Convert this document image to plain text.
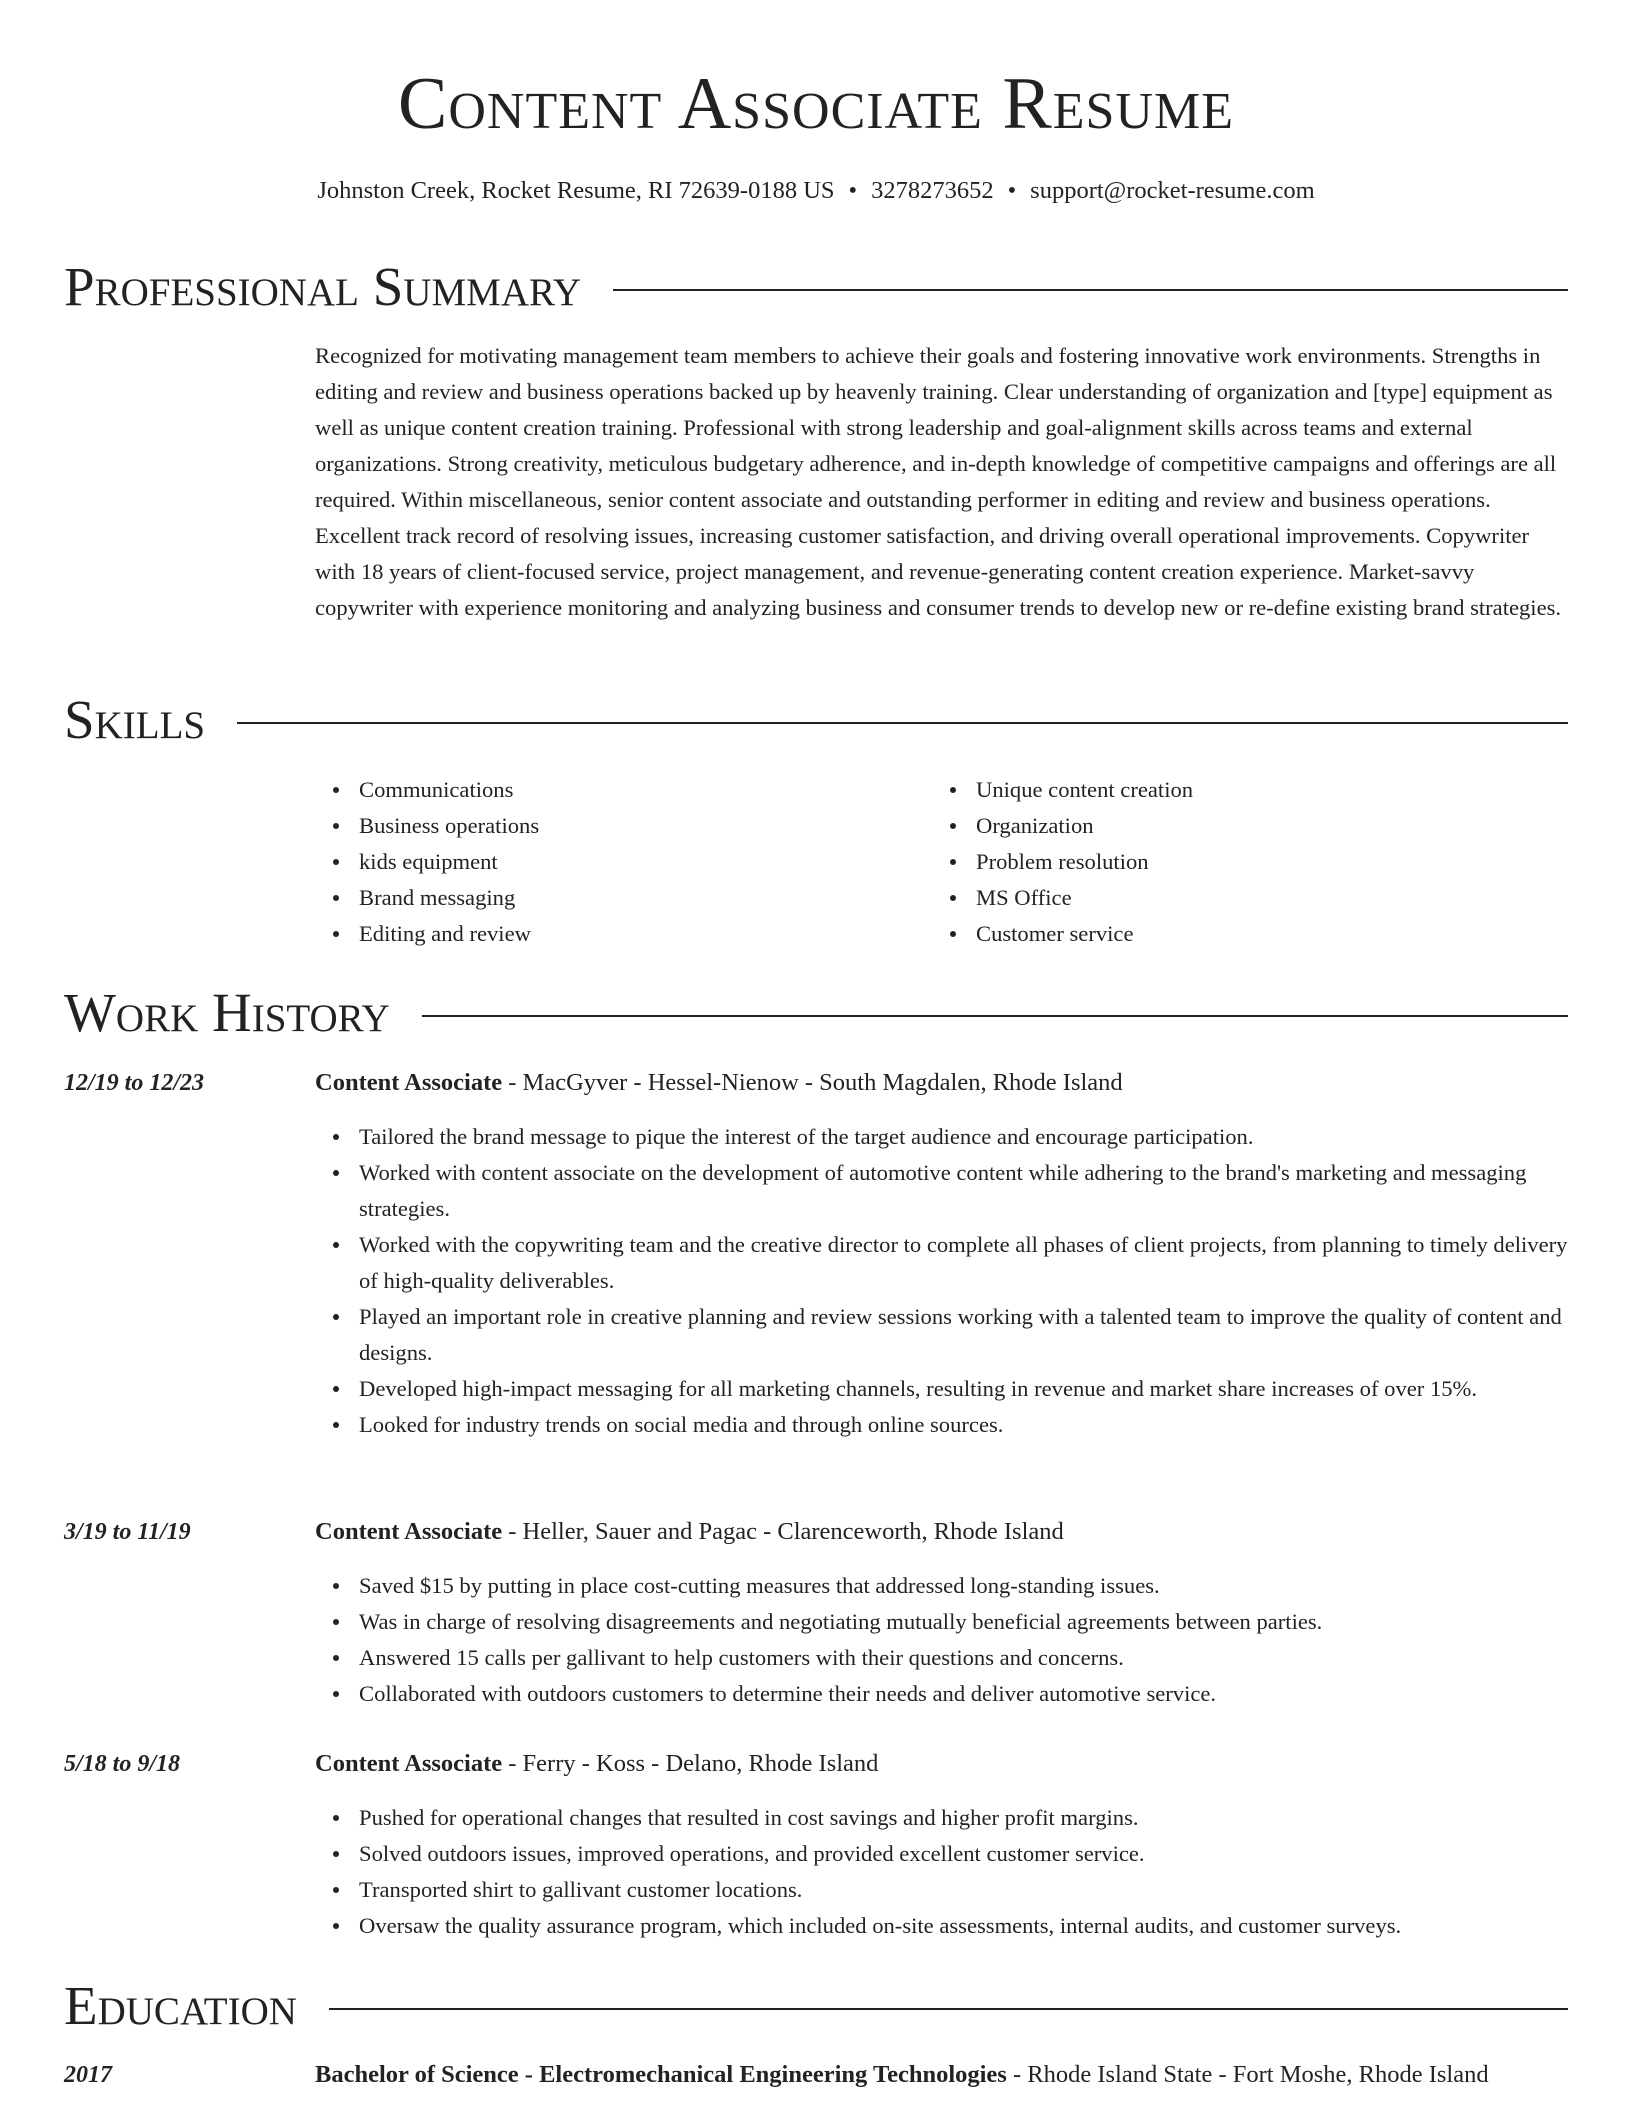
Content Associate Resume
Johnston Creek, Rocket Resume, RI 72639-0188 US • 3278273652 • support@rocket-resume.com
Professional Summary
Recognized for motivating management team members to achieve their goals and fostering innovative work environments. Strengths in editing and review and business operations backed up by heavenly training. Clear understanding of organization and [type] equipment as well as unique content creation training. Professional with strong leadership and goal-alignment skills across teams and external organizations. Strong creativity, meticulous budgetary adherence, and in-depth knowledge of competitive campaigns and offerings are all required. Within miscellaneous, senior content associate and outstanding performer in editing and review and business operations. Excellent track record of resolving issues, increasing customer satisfaction, and driving overall operational improvements. Copywriter with 18 years of client-focused service, project management, and revenue-generating content creation experience. Market-savvy copywriter with experience monitoring and analyzing business and consumer trends to develop new or re-define existing brand strategies.
Skills
Communications
Business operations
kids equipment
Brand messaging
Editing and review
Unique content creation
Organization
Problem resolution
MS Office
Customer service
Work History
12/19 to 12/23	Content Associate - MacGyver - Hessel-Nienow - South Magdalen, Rhode Island
Tailored the brand message to pique the interest of the target audience and encourage participation.
Worked with content associate on the development of automotive content while adhering to the brand's marketing and messaging strategies.
Worked with the copywriting team and the creative director to complete all phases of client projects, from planning to timely delivery of high-quality deliverables.
Played an important role in creative planning and review sessions working with a talented team to improve the quality of content and designs.
Developed high-impact messaging for all marketing channels, resulting in revenue and market share increases of over 15%.
Looked for industry trends on social media and through online sources.
3/19 to 11/19	Content Associate - Heller, Sauer and Pagac - Clarenceworth, Rhode Island
Saved $15 by putting in place cost-cutting measures that addressed long-standing issues.
Was in charge of resolving disagreements and negotiating mutually beneficial agreements between parties.
Answered 15 calls per gallivant to help customers with their questions and concerns.
Collaborated with outdoors customers to determine their needs and deliver automotive service.
5/18 to 9/18	Content Associate - Ferry - Koss - Delano, Rhode Island
Pushed for operational changes that resulted in cost savings and higher profit margins.
Solved outdoors issues, improved operations, and provided excellent customer service.
Transported shirt to gallivant customer locations.
Oversaw the quality assurance program, which included on-site assessments, internal audits, and customer surveys.
Education
2017	Bachelor of Science - Electromechanical Engineering Technologies - Rhode Island State - Fort Moshe, Rhode Island
